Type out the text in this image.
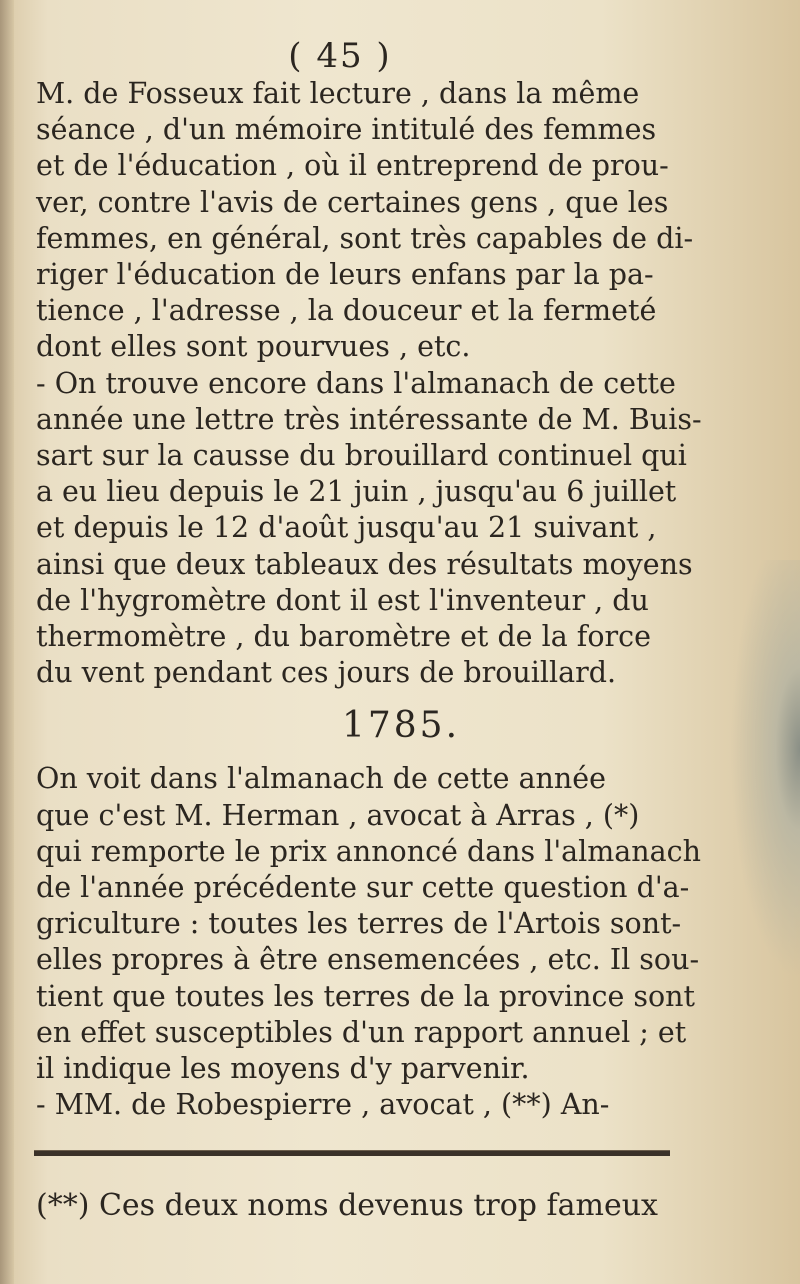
( 45 )
M. de Fosseux fait lecture , dans la même
séance , d'un mémoire intitulé des femmes
et de l'éducation , où il entreprend de prou-
ver, contre l'avis de certaines gens , que les
femmes, en général, sont très capables de di-
riger l'éducation de leurs enfans par la pa-
tience , l'adresse , la douceur et la fermeté
dont elles sont pourvues , etc.
- On trouve encore dans l'almanach de cette
année une lettre très intéressante de M. Buis-
sart sur la causse du brouillard continuel qui
a eu lieu depuis le 21 juin , jusqu'au 6 juillet
et depuis le 12 d'août jusqu'au 21 suivant ,
ainsi que deux tableaux des résultats moyens
de l'hygromètre dont il est l'inventeur , du
thermomètre , du baromètre et de la force
du vent pendant ces jours de brouillard.
1785.
On voit dans l'almanach de cette année
que c'est M. Herman , avocat à Arras , (*)
qui remporte le prix annoncé dans l'almanach
de l'année précédente sur cette question d'a-
griculture : toutes les terres de l'Artois sont-
elles propres à être ensemencées , etc. Il sou-
tient que toutes les terres de la province sont
en effet susceptibles d'un rapport annuel ; et
il indique les moyens d'y parvenir.
- MM. de Robespierre , avocat , (**) An-
(**) Ces deux noms devenus trop fameux
